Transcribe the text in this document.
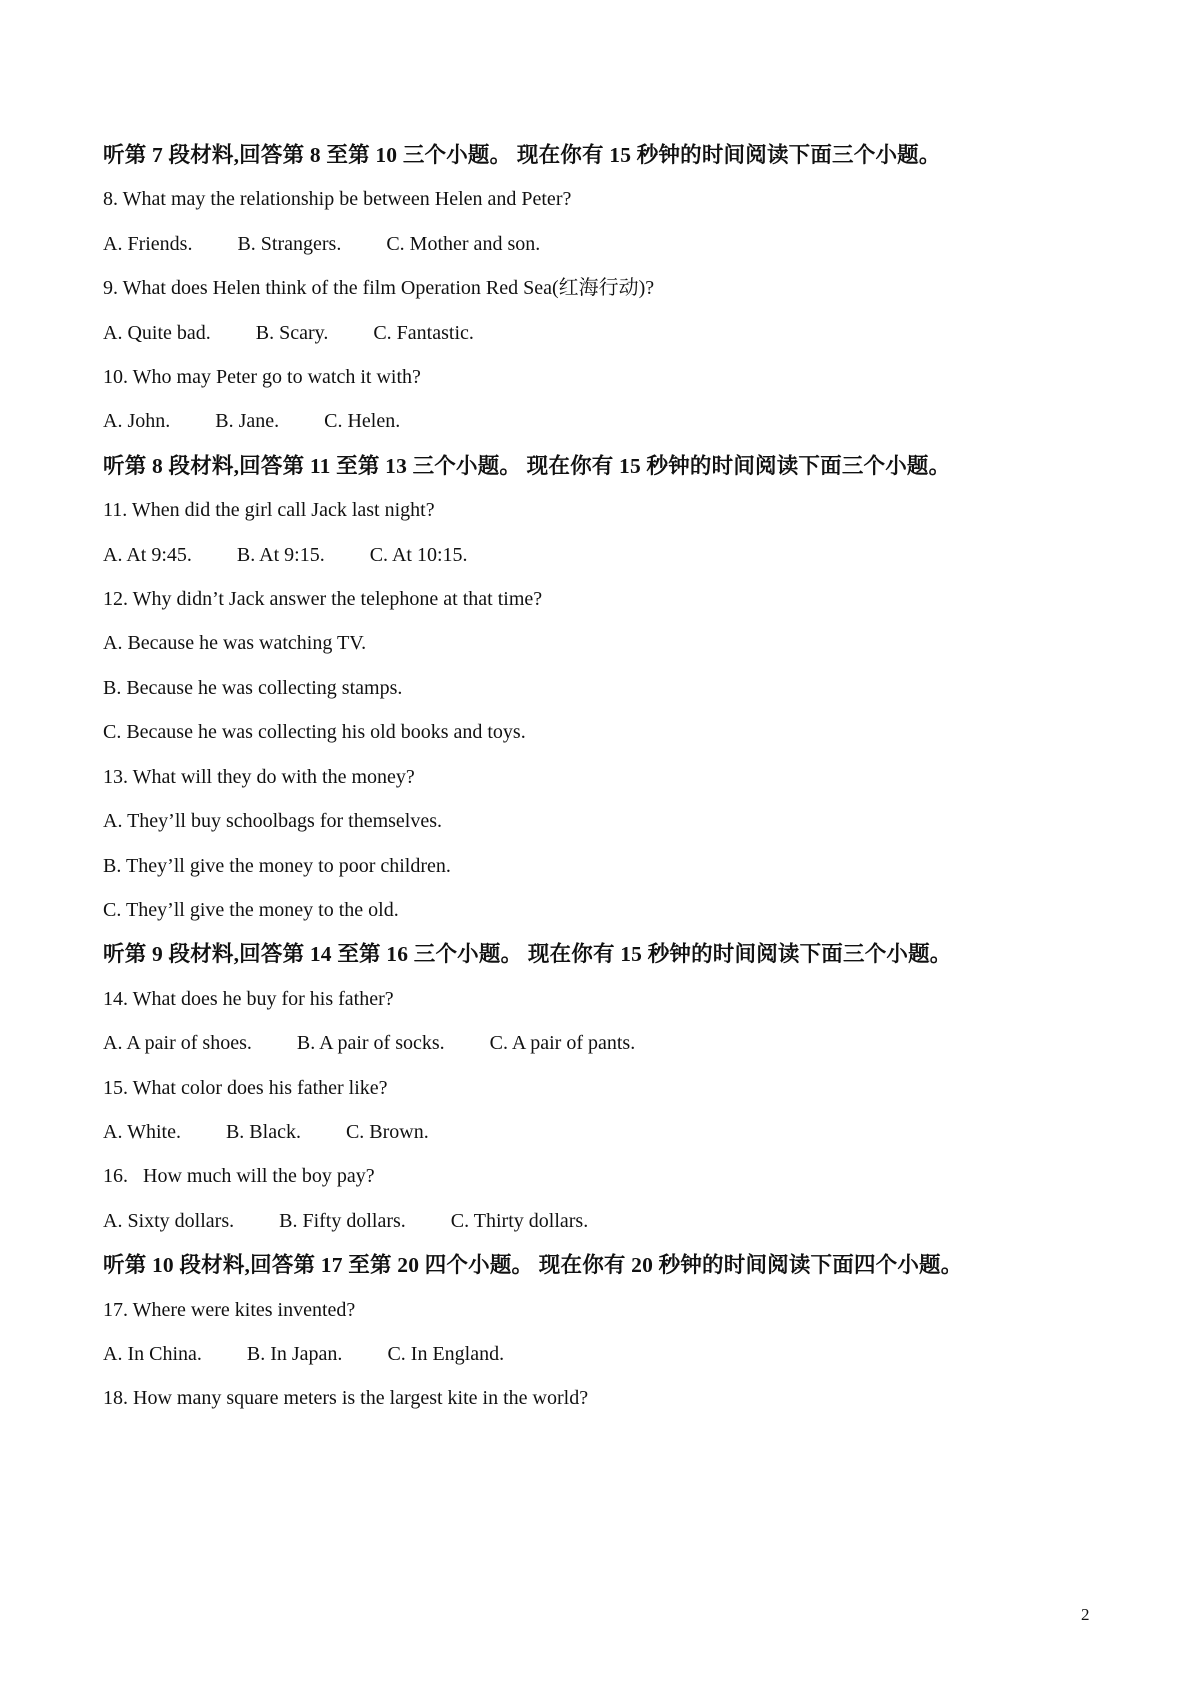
听第 7 段材料,回答第 8 至第 10 三个小题。 现在你有 15 秒钟的时间阅读下面三个小题。

8. What may the relationship be between Helen and Peter?

A. Friends. B. Strangers. C. Mother and son.

9. What does Helen think of the film Operation Red Sea(红海行动)?

A. Quite bad. B. Scary. C. Fantastic.

10. Who may Peter go to watch it with?

A. John. B. Jane. C. Helen.

听第 8 段材料,回答第 11 至第 13 三个小题。 现在你有 15 秒钟的时间阅读下面三个小题。

11. When did the girl call Jack last night?

A. At 9:45. B. At 9:15. C. At 10:15.

12. Why didn’t Jack answer the telephone at that time?

A. Because he was watching TV.

B. Because he was collecting stamps.

C. Because he was collecting his old books and toys.

13. What will they do with the money?

A. They’ll buy schoolbags for themselves.

B. They’ll give the money to poor children.

C. They’ll give the money to the old.

听第 9 段材料,回答第 14 至第 16 三个小题。 现在你有 15 秒钟的时间阅读下面三个小题。

14. What does he buy for his father?

A. A pair of shoes. B. A pair of socks. C. A pair of pants.

15. What color does his father like?

A. White. B. Black. C. Brown.

16.   How much will the boy pay?

A. Sixty dollars. B. Fifty dollars. C. Thirty dollars.

听第 10 段材料,回答第 17 至第 20 四个小题。 现在你有 20 秒钟的时间阅读下面四个小题。

17. Where were kites invented?

A. In China. B. In Japan. C. In England.

18. How many square meters is the largest kite in the world?

2
